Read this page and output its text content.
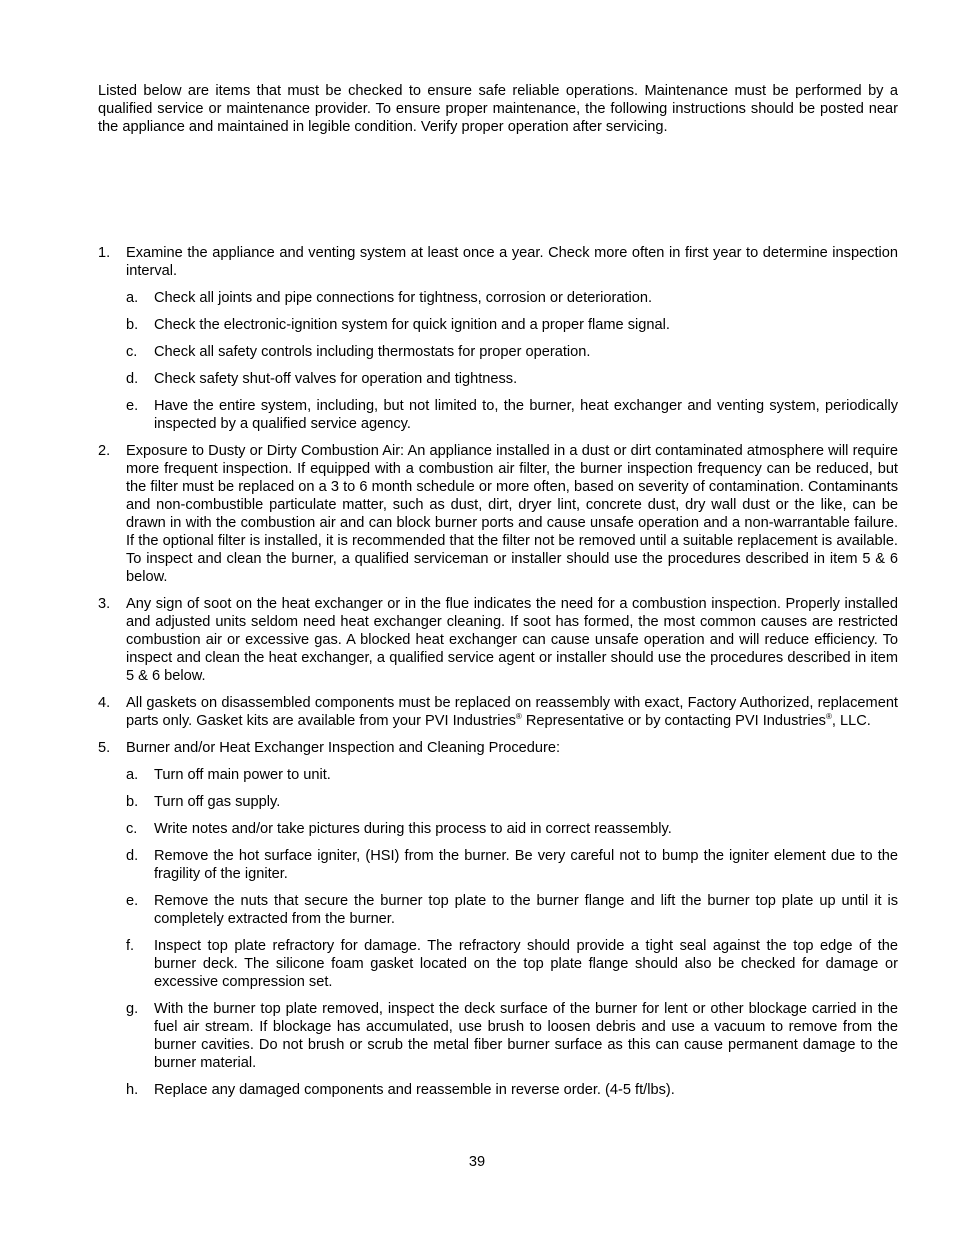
Listed below are items that must be checked to ensure safe reliable operations. Maintenance must be performed by a qualified service or maintenance provider. To ensure proper maintenance, the following instructions should be posted near the appliance and maintained in legible condition. Verify proper operation after servicing.

1. Examine the appliance and venting system at least once a year. Check more often in first year to determine inspection interval.
a. Check all joints and pipe connections for tightness, corrosion or deterioration.
b. Check the electronic-ignition system for quick ignition and a proper flame signal.
c. Check all safety controls including thermostats for proper operation.
d. Check safety shut-off valves for operation and tightness.
e. Have the entire system, including, but not limited to, the burner, heat exchanger and venting system, periodically inspected by a qualified service agency.
2. Exposure to Dusty or Dirty Combustion Air: An appliance installed in a dust or dirt contaminated atmosphere will require more frequent inspection. If equipped with a combustion air filter, the burner inspection frequency can be reduced, but the filter must be replaced on a 3 to 6 month schedule or more often, based on severity of contamination. Contaminants and non-combustible particulate matter, such as dust, dirt, dryer lint, concrete dust, dry wall dust or the like, can be drawn in with the combustion air and can block burner ports and cause unsafe operation and a non-warrantable failure. If the optional filter is installed, it is recommended that the filter not be removed until a suitable replacement is available. To inspect and clean the burner, a qualified serviceman or installer should use the procedures described in item 5 & 6 below.
3. Any sign of soot on the heat exchanger or in the flue indicates the need for a combustion inspection. Properly installed and adjusted units seldom need heat exchanger cleaning. If soot has formed, the most common causes are restricted combustion air or excessive gas. A blocked heat exchanger can cause unsafe operation and will reduce efficiency. To inspect and clean the heat exchanger, a qualified service agent or installer should use the procedures described in item 5 & 6 below.
4. All gaskets on disassembled components must be replaced on reassembly with exact, Factory Authorized, replacement parts only. Gasket kits are available from your PVI Industries® Representative or by contacting PVI Industries®, LLC.
5. Burner and/or Heat Exchanger Inspection and Cleaning Procedure:
a. Turn off main power to unit.
b. Turn off gas supply.
c. Write notes and/or take pictures during this process to aid in correct reassembly.
d. Remove the hot surface igniter, (HSI) from the burner. Be very careful not to bump the igniter element due to the fragility of the igniter.
e. Remove the nuts that secure the burner top plate to the burner flange and lift the burner top plate up until it is completely extracted from the burner.
f. Inspect top plate refractory for damage. The refractory should provide a tight seal against the top edge of the burner deck. The silicone foam gasket located on the top plate flange should also be checked for damage or excessive compression set.
g. With the burner top plate removed, inspect the deck surface of the burner for lent or other blockage carried in the fuel air stream. If blockage has accumulated, use brush to loosen debris and use a vacuum to remove from the burner cavities. Do not brush or scrub the metal fiber burner surface as this can cause permanent damage to the burner material.
h. Replace any damaged components and reassemble in reverse order. (4-5 ft/lbs).
39
